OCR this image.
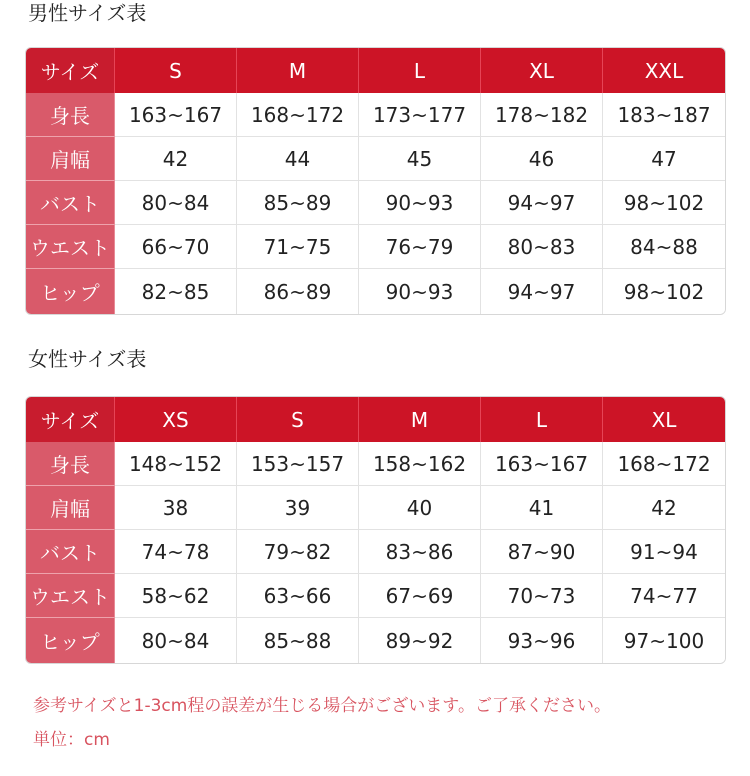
男性サイズ表
サイズ	S	M	L	XL	XXL
身長	163~167	168~172	173~177	178~182	183~187
肩幅	42	44	45	46	47
バスト	80~84	85~89	90~93	94~97	98~102
ウエスト	66~70	71~75	76~79	80~83	84~88
ヒップ	82~85	86~89	90~93	94~97	98~102
女性サイズ表
サイズ	XS	S	M	L	XL
身長	148~152	153~157	158~162	163~167	168~172
肩幅	38	39	40	41	42
バスト	74~78	79~82	83~86	87~90	91~94
ウエスト	58~62	63~66	67~69	70~73	74~77
ヒップ	80~84	85~88	89~92	93~96	97~100

参考サイズと1-3cm程の誤差が生じる場合がございます。ご了承ください。

単位：cm
